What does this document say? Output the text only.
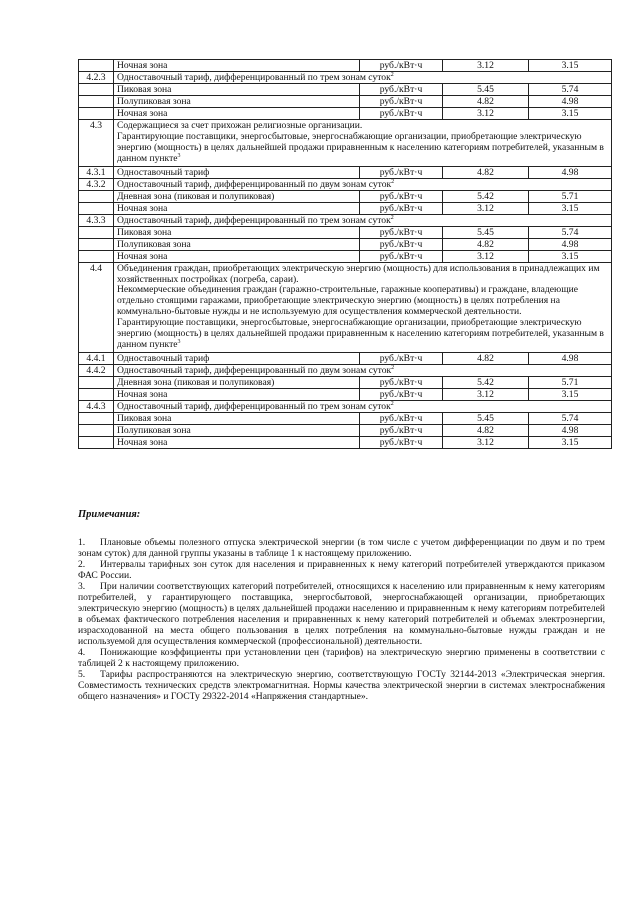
	Ночная зона	руб./кВт·ч	3.12	3.15
4.2.3	Одноставочный тариф, дифференцированный по трем зонам суток$^2$
	Пиковая зона	руб./кВт·ч	5.45	5.74
	Полупиковая зона	руб./кВт·ч	4.82	4.98
	Ночная зона	руб./кВт·ч	3.12	3.15
4.3	Содержащиеся за счет прихожан религиозные организации.
Гарантирующие поставщики, энергосбытовые, энергоснабжающие организации, приобретающие электрическую энергию (мощность) в целях дальнейшей продажи приравненным к населению категориям потребителей, указанным в данном пункте$^3$

4.3.1	Одноставочный тариф	руб./кВт·ч	4.82	4.98
4.3.2	Одноставочный тариф, дифференцированный по двум зонам суток$^2$
	Дневная зона (пиковая и полупиковая)	руб./кВт·ч	5.42	5.71
	Ночная зона	руб./кВт·ч	3.12	3.15
4.3.3	Одноставочный тариф, дифференцированный по трем зонам суток$^2$
	Пиковая зона	руб./кВт·ч	5.45	5.74
	Полупиковая зона	руб./кВт·ч	4.82	4.98
	Ночная зона	руб./кВт·ч	3.12	3.15
4.4	Объединения граждан, приобретающих электрическую энергию (мощность) для использования в принадлежащих им хозяйственных постройках (погреба, сараи).
Некоммерческие объединения граждан (гаражно-строительные, гаражные кооперативы) и граждане, владеющие отдельно стоящими гаражами, приобретающие электрическую энергию (мощность) в целях потребления на коммунально-бытовые нужды и не используемую для осуществления коммерческой деятельности.
Гарантирующие поставщики, энергосбытовые, энергоснабжающие организации, приобретающие электрическую энергию (мощность) в целях дальнейшей продажи приравненным к населению категориям потребителей, указанным в данном пункте$^3$

4.4.1	Одноставочный тариф	руб./кВт·ч	4.82	4.98
4.4.2	Одноставочный тариф, дифференцированный по двум зонам суток$^2$
	Дневная зона (пиковая и полупиковая)	руб./кВт·ч	5.42	5.71
	Ночная зона	руб./кВт·ч	3.12	3.15
4.4.3	Одноставочный тариф, дифференцированный по трем зонам суток$^2$
	Пиковая зона	руб./кВт·ч	5.45	5.74
	Полупиковая зона	руб./кВт·ч	4.82	4.98
	Ночная зона	руб./кВт·ч	3.12	3.15
Примечания:

1. Плановые объемы полезного отпуска электрической энергии (в том числе с учетом дифференциации по двум и по трем зонам суток) для данной группы указаны в таблице 1 к настоящему приложению.

2. Интервалы тарифных зон суток для населения и приравненных к нему категорий потребителей утверждаются приказом ФАС России.

3. При наличии соответствующих категорий потребителей, относящихся к населению или приравненным к нему категориям потребителей, у гарантирующего поставщика, энергосбытовой, энергоснабжающей организации, приобретающих электрическую энергию (мощность) в целях дальнейшей продажи населению и приравненным к нему категориям потребителей в объемах фактического потребления населения и приравненных к нему категорий потребителей и объемах электроэнергии, израсходованной на места общего пользования в целях потребления на коммунально-бытовые нужды граждан и не используемой для осуществления коммерческой (профессиональной) деятельности.

4. Понижающие коэффициенты при установлении цен (тарифов) на электрическую энергию применены в соответствии с таблицей 2 к настоящему приложению.

5. Тарифы распространяются на электрическую энергию, соответствующую ГОСТу 32144-2013 «Электрическая энергия. Совместимость технических средств электромагнитная. Нормы качества электрической энергии в системах электроснабжения общего назначения» и ГОСТу 29322-2014 «Напряжения стандартные».
